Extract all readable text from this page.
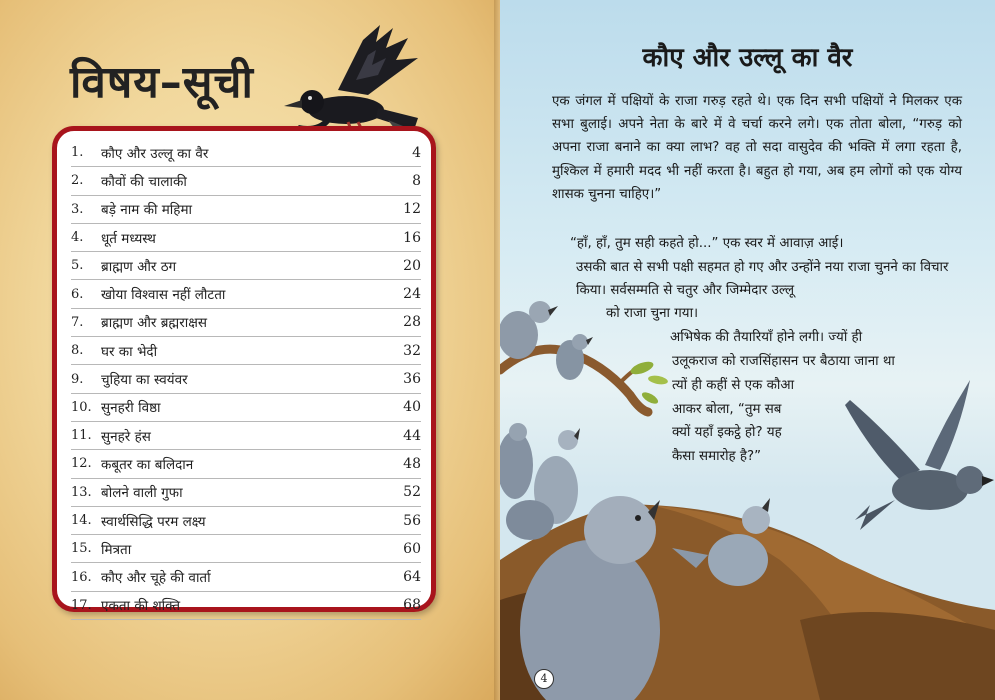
विषय–सूची
1.	कौए और उल्लू का वैर	4
2.	कौवों की चालाकी	8
3.	बड़े नाम की महिमा	12
4.	धूर्त मध्यस्थ	16
5.	ब्राह्मण और ठग	20
6.	खोया विश्वास नहीं लौटता	24
7.	ब्राह्मण और ब्रह्मराक्षस	28
8.	घर का भेदी	32
9.	चुहिया का स्वयंवर	36
10. सुनहरी विष्ठा	40
11. सुनहरे हंस	44
12. कबूतर का बलिदान	48
13. बोलने वाली गुफा	52
14. स्वार्थसिद्धि परम लक्ष्य	56
15. मित्रता	60
16. कौए और चूहे की वार्ता	64
17. एकता की शक्ति	68
कौए और उल्लू का वैर

एक जंगल में पक्षियों के राजा गरुड़ रहते थे। एक दिन सभी पक्षियों ने मिलकर एक सभा बुलाई। अपने नेता के बारे में वे चर्चा करने लगे। एक तोता बोला, “गरुड़ को अपना राजा बनाने का क्या लाभ? वह तो सदा वासुदेव की भक्ति में लगा रहता है, मुश्किल में हमारी मदद भी नहीं करता है। बहुत हो गया, अब हम लोगों को एक योग्य शासक चुनना चाहिए।”

“हाँ, हाँ, तुम सही कहते हो...” एक स्वर में आवाज़ आई।

उसकी बात से सभी पक्षी सहमत हो गए और उन्होंने नया राजा चुनने का विचार किया। सर्वसम्मति से चतुर और जिम्मेदार उल्लू

को राजा चुना गया।

अभिषेक की तैयारियाँ होने लगी। ज्यों ही

उलूकराज को राजसिंहासन पर बैठाया जाना था

त्यों ही कहीं से एक कौआ

आकर बोला, “तुम सब

क्यों यहाँ इकट्ठे हो? यह

कैसा समारोह है?”

4
